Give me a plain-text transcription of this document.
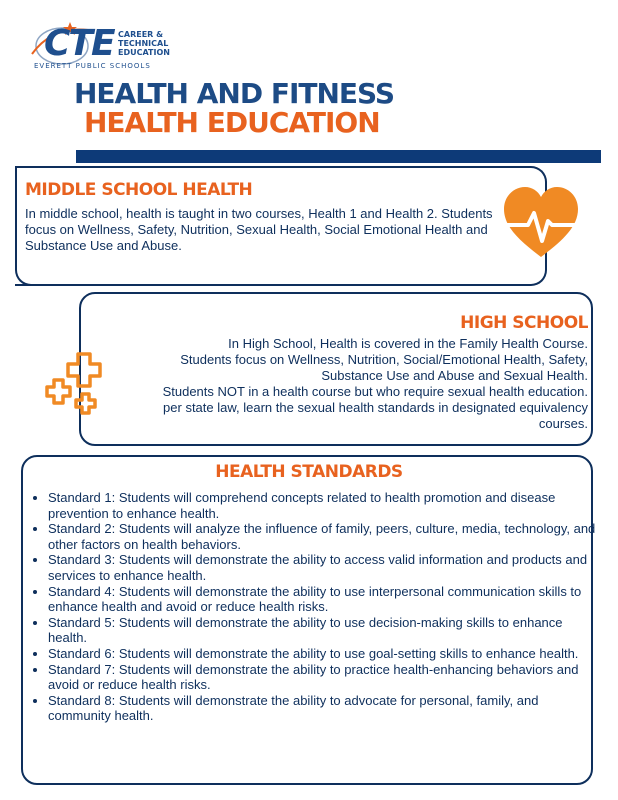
CTE CAREER &
TECHNICAL
EDUCATION
EVERETT PUBLIC SCHOOLS
HEALTH AND FITNESS
HEALTH EDUCATION
MIDDLE SCHOOL HEALTH
In middle school, health is taught in two courses, Health 1 and Health 2. Students focus on Wellness, Safety, Nutrition, Sexual Health, Social Emotional Health and Substance Use and Abuse.
HIGH SCHOOL
In High School, Health is covered in the Family Health Course.
Students focus on Wellness, Nutrition, Social/Emotional Health, Safety,
Substance Use and Abuse and Sexual Health.
Students NOT in a health course but who require sexual health education.
per state law, learn the sexual health standards in designated equivalency
courses.
HEALTH STANDARDS
• Standard 1: Students will comprehend concepts related to health promotion and disease prevention to enhance health.
• Standard 2: Students will analyze the influence of family, peers, culture, media, technology, and other factors on health behaviors.
• Standard 3: Students will demonstrate the ability to access valid information and products and services to enhance health.
• Standard 4: Students will demonstrate the ability to use interpersonal communication skills to enhance health and avoid or reduce health risks.
• Standard 5: Students will demonstrate the ability to use decision-making skills to enhance health.
• Standard 6: Students will demonstrate the ability to use goal-setting skills to enhance health.
• Standard 7: Students will demonstrate the ability to practice health-enhancing behaviors and avoid or reduce health risks.
• Standard 8: Students will demonstrate the ability to advocate for personal, family, and community health.
